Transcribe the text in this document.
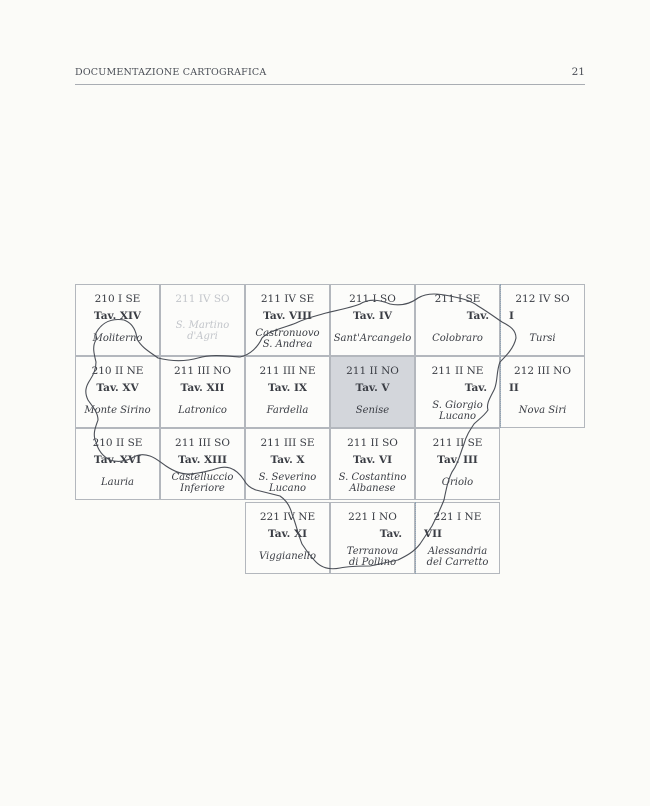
DOCUMENTAZIONE CARTOGRAFICA	21
210 I SE
Tav. XIV
Moliterno
211 IV SO
S. Martino
d'Agri
211 IV SE
Tav. VIII
Castronuovo
S. Andrea
211 I SO
Tav. IV
Sant'Arcangelo
211 I SE
Tav.
Colobraro
212 IV SO
I
Tursi
210 II NE
Tav. XV
Monte Sirino
211 III NO
Tav. XII
Latronico
211 III NE
Tav. IX
Fardella
211 II NO
Tav. V
Senise
211 II NE
Tav.
S. Giorgio
Lucano
212 III NO
II
Nova Siri
210 II SE
Tav. XVI
Lauria
211 III SO
Tav. XIII
Castelluccio
Inferiore
211 III SE
Tav. X
S. Severino
Lucano
211 II SO
Tav. VI
S. Costantino
Albanese
211 II SE
Tav. III
Oriolo
221 IV NE
Tav. XI
Viggianello
221 I NO
Tav.
Terranova
di Pollino
221 I NE
VII
Alessandria
del Carretto
